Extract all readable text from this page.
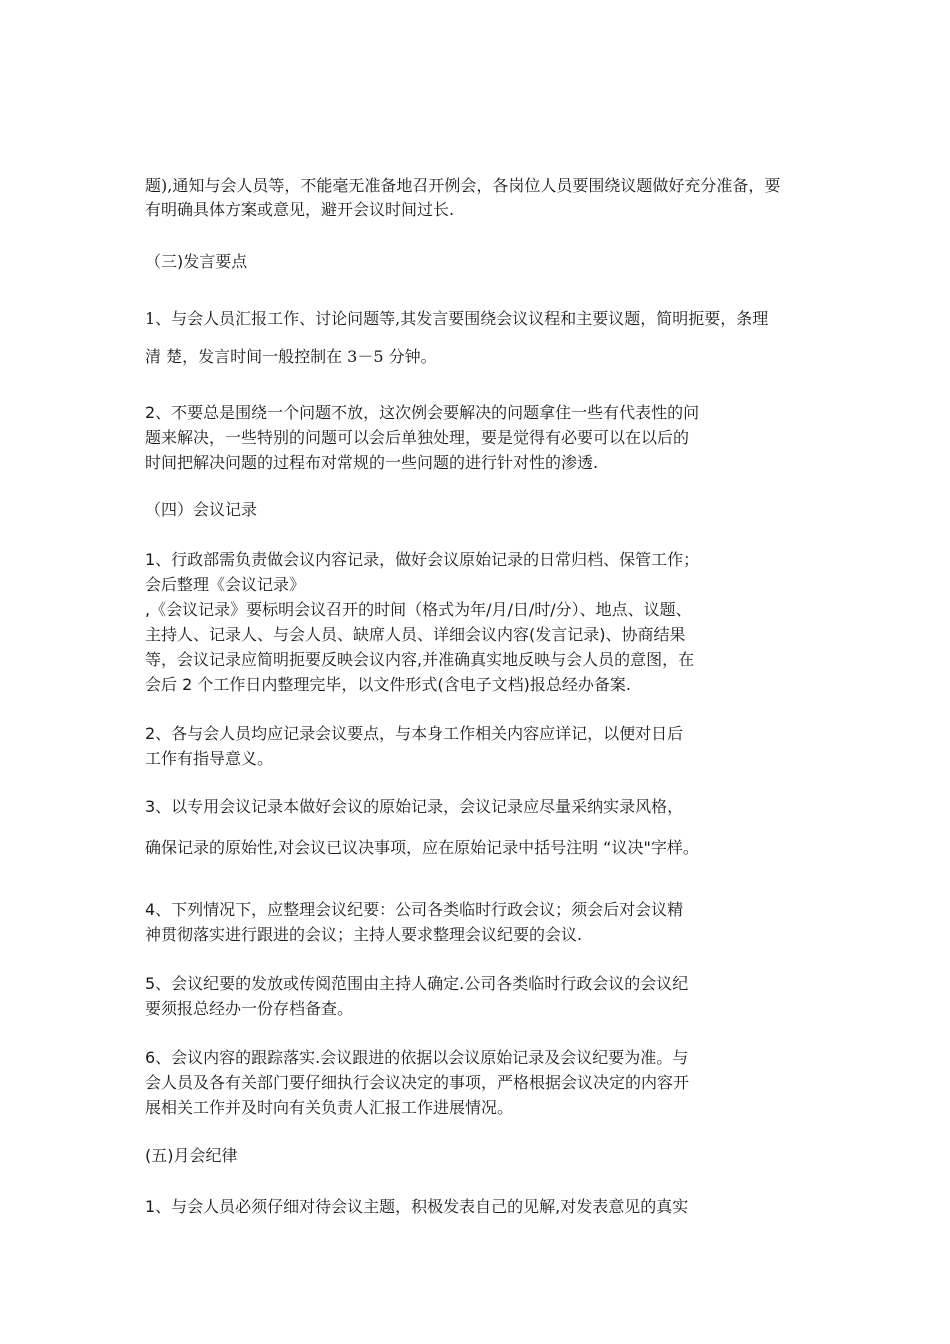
题),通知与会人员等，不能毫无准备地召开例会，各岗位人员要围绕议题做好充分准备，要
有明确具体方案或意见，避开会议时间过长.
（三)发言要点
1、与会人员汇报工作、讨论问题等,其发言要围绕会议议程和主要议题，简明扼要，条理
清 楚，发言时间一般控制在 3－5 分钟。
2、不要总是围绕一个问题不放，这次例会要解决的问题拿住一些有代表性的问
题来解决，一些特别的问题可以会后单独处理，要是觉得有必要可以在以后的
时间把解决问题的过程布对常规的一些问题的进行针对性的渗透.
（四）会议记录
1、行政部需负责做会议内容记录，做好会议原始记录的日常归档、保管工作；
会后整理《会议记录》
,《会议记录》要标明会议召开的时间（格式为年/月/日/时/分）、地点、议题、
主持人、记录人、与会人员、缺席人员、详细会议内容(发言记录)、协商结果
等，会议记录应简明扼要反映会议内容,并准确真实地反映与会人员的意图，在
会后 2 个工作日内整理完毕，以文件形式(含电子文档)报总经办备案.
2、各与会人员均应记录会议要点，与本身工作相关内容应详记，以便对日后
工作有指导意义。
3、以专用会议记录本做好会议的原始记录，会议记录应尽量采纳实录风格，
确保记录的原始性,对会议已议决事项，应在原始记录中括号注明 “议决"字样。
4、下列情况下，应整理会议纪要：公司各类临时行政会议；须会后对会议精
神贯彻落实进行跟进的会议；主持人要求整理会议纪要的会议.
5、会议纪要的发放或传阅范围由主持人确定.公司各类临时行政会议的会议纪
要须报总经办一份存档备查。
6、会议内容的跟踪落实.会议跟进的依据以会议原始记录及会议纪要为准。与
会人员及各有关部门要仔细执行会议决定的事项，严格根据会议决定的内容开
展相关工作并及时向有关负责人汇报工作进展情况。
(五)月会纪律
1、与会人员必须仔细对待会议主题，积极发表自己的见解,对发表意见的真实
